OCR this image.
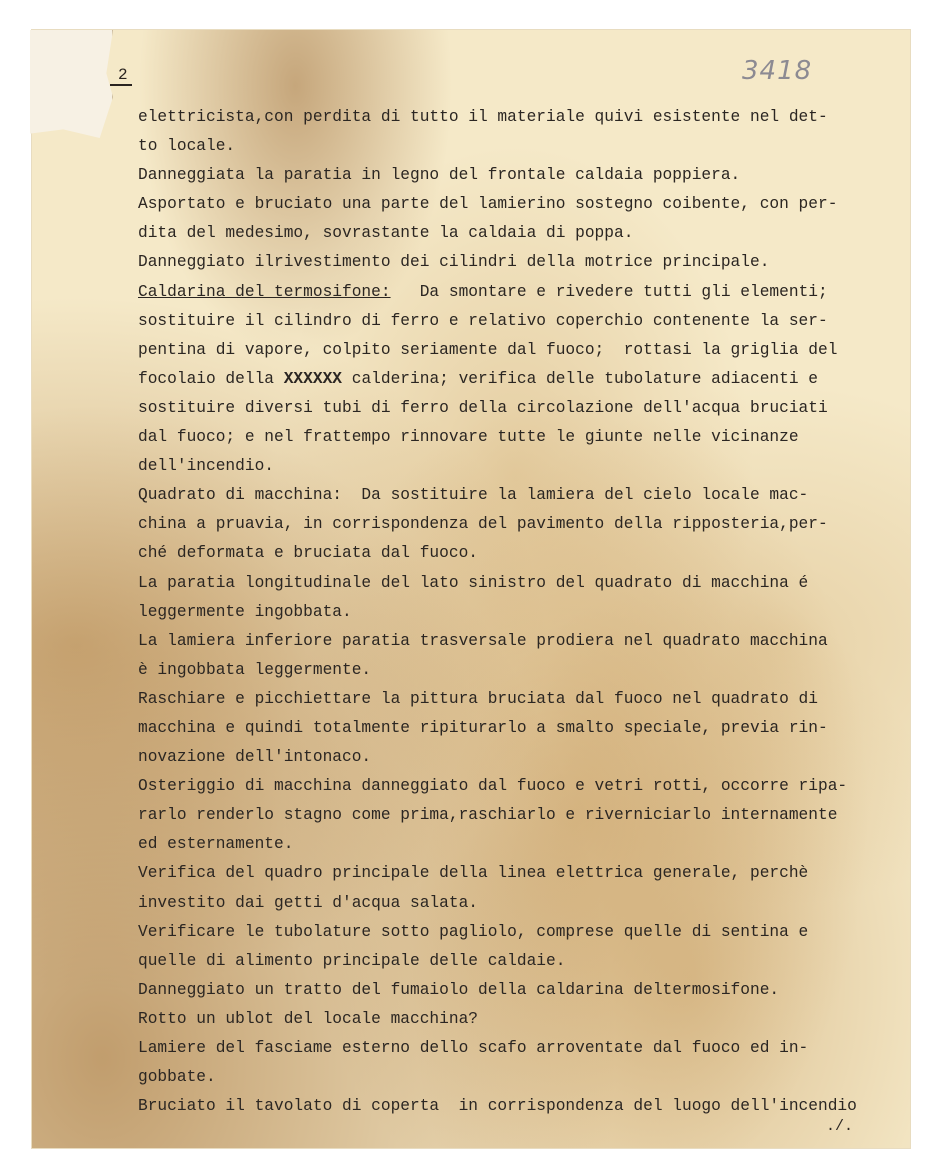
2	3418
elettricista,con perdita di tutto il materiale quivi esistente nel det-
to locale.
Danneggiata la paratia in legno del frontale caldaia poppiera.
Asportato e bruciato una parte del lamierino sostegno coibente, con per-
dita del medesimo, sovrastante la caldaia di poppa.
Danneggiato ilrivestimento dei cilindri della motrice principale.
Caldarina del termosifone:   Da smontare e rivedere tutti gli elementi;
sostituire il cilindro di ferro e relativo coperchio contenente la ser-
pentina di vapore, colpito seriamente dal fuoco;  rottasi la griglia del
focolaio della XXXXXX calderina; verifica delle tubolature adiacenti e
sostituire diversi tubi di ferro della circolazione dell'acqua bruciati
dal fuoco; e nel frattempo rinnovare tutte le giunte nelle vicinanze
dell'incendio.
Quadrato di macchina:  Da sostituire la lamiera del cielo locale mac-
china a pruavia, in corrispondenza del pavimento della ripposteria,per-
ché deformata e bruciata dal fuoco.
La paratia longitudinale del lato sinistro del quadrato di macchina é
leggermente ingobbata.
La lamiera inferiore paratia trasversale prodiera nel quadrato macchina
è ingobbata leggermente.
Raschiare e picchiettare la pittura bruciata dal fuoco nel quadrato di
macchina e quindi totalmente ripiturarlo a smalto speciale, previa rin-
novazione dell'intonaco.
Osteriggio di macchina danneggiato dal fuoco e vetri rotti, occorre ripa-
rarlo renderlo stagno come prima,raschiarlo e riverniciarlo internamente
ed esternamente.
Verifica del quadro principale della linea elettrica generale, perchè
investito dai getti d'acqua salata.
Verificare le tubolature sotto pagliolo, comprese quelle di sentina e
quelle di alimento principale delle caldaie.
Danneggiato un tratto del fumaiolo della caldarina deltermosifone.
Rotto un ublot del locale macchina?
Lamiere del fasciame esterno dello scafo arroventate dal fuoco ed in-
gobbate.
Bruciato il tavolato di coperta  in corrispondenza del luogo dell'incendio
./.
